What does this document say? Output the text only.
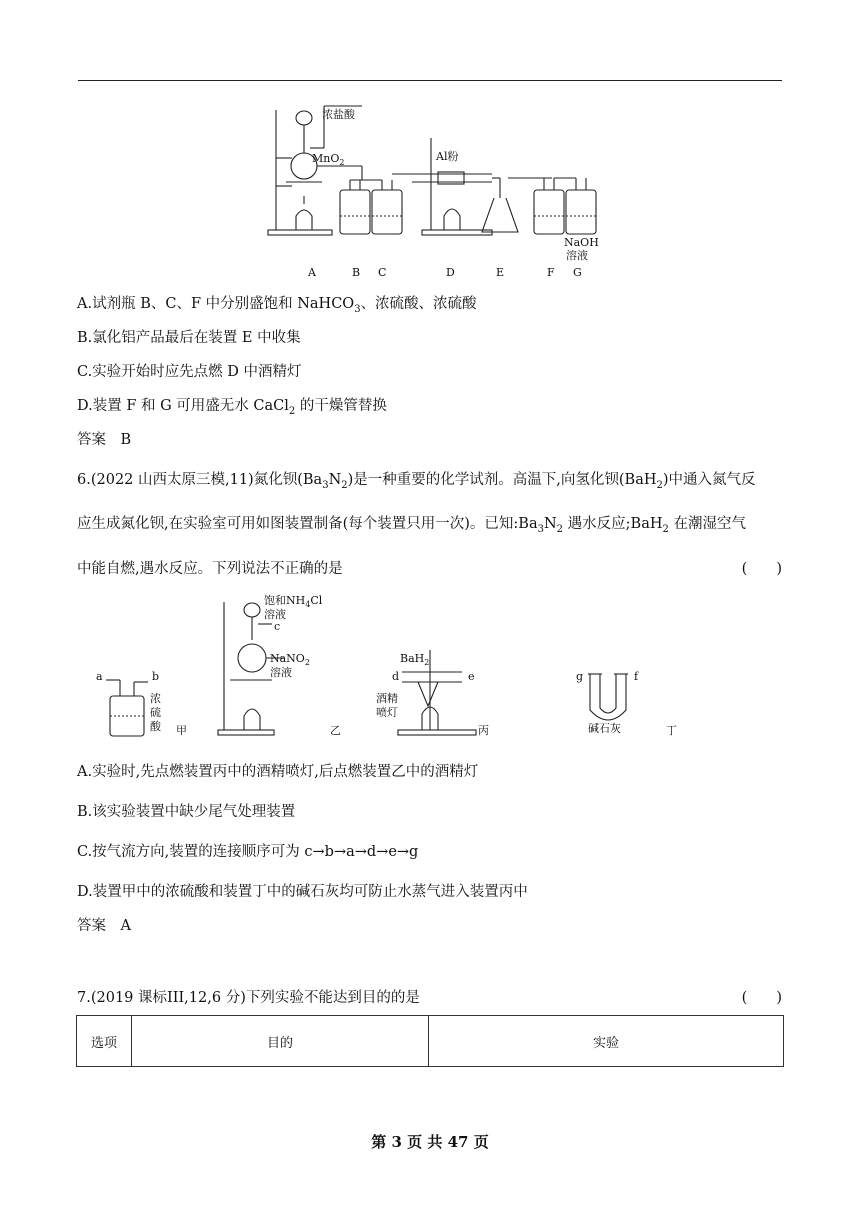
浓盐酸
MnO$_2$	Al粉
NaOH
溶液
A	B C	D	E	F G
A.试剂瓶 B、C、F 中分别盛饱和 NaHCO$_3$、浓硫酸、浓硫酸
B.氯化铝产品最后在装置 E 中收集
C.实验开始时应先点燃 D 中酒精灯
D.装置 F 和 G 可用盛无水 CaCl$_2$ 的干燥管替换
答案　B
6.(2022 山西太原三模,11)氮化钡$(Ba_3N_2)$是一种重要的化学试剂。高温下,向氢化钡(BaH$_2$)中通入氮气反
应生成氮化钡,在实验室可用如图装置制备(每个装置只用一次)。已知$:Ba_3N_2$ 遇水反应;BaH$_2$ 在潮湿空气
中能自燃,遇水反应。下列说法不正确的是	(　　)
a	b
浓
硫
酸 甲
饱和$NH_4Cl$
溶液
c
NaNO$_2$
溶液
乙
d
BaH$_2$
e
酒精
喷灯
丙
g	f
碱石灰	丁
A.实验时,先点燃装置丙中的酒精喷灯,后点燃装置乙中的酒精灯
B.该实验装置中缺少尾气处理装置
C.按气流方向,装置的连接顺序可为 c→b→a→d→e→g
D.装置甲中的浓硫酸和装置丁中的碱石灰均可防止水蒸气进入装置丙中
答案　A
7.(2019 课标III,12,6 分)下列实验不能达到目的的是	(　　)
选项	目的	实验
第 3 页 共 47 页
